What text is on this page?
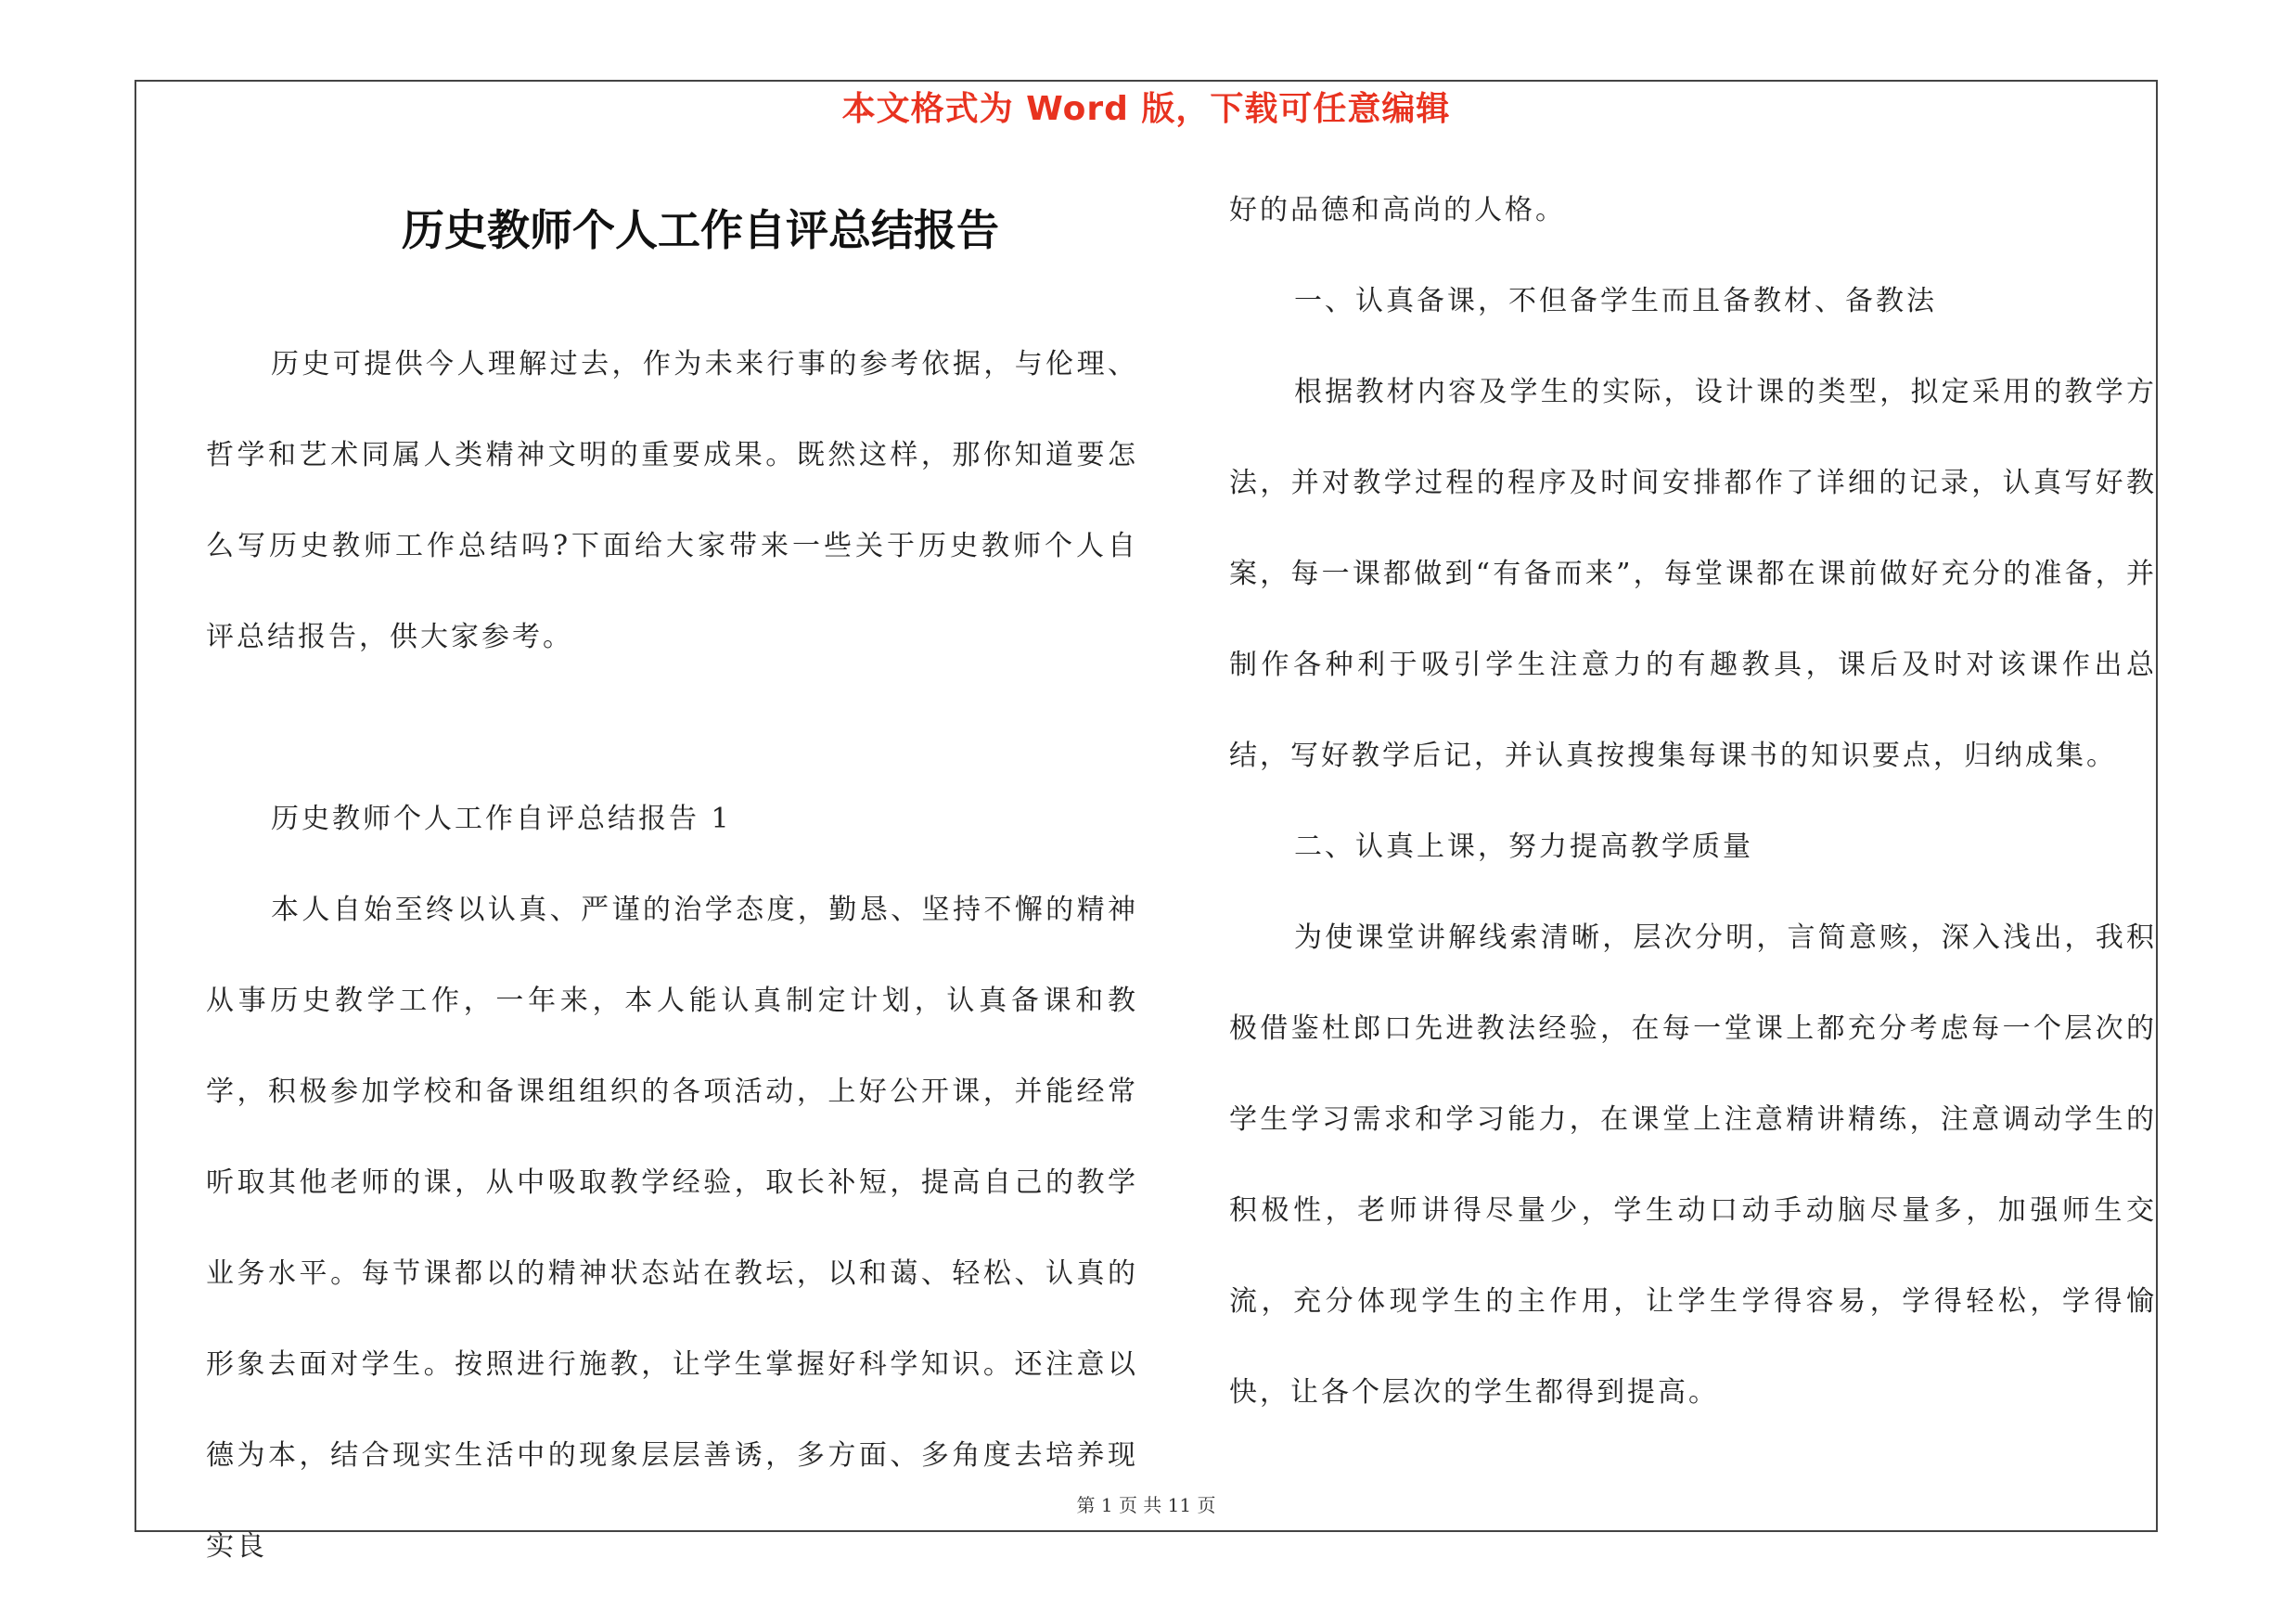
本文格式为 Word 版，下载可任意编辑
历史教师个人工作自评总结报告

历史可提供今人理解过去，作为未来行事的参考依据，与伦理、哲学和艺术同属人类精神文明的重要成果。既然这样，那你知道要怎么写历史教师工作总结吗?下面给大家带来一些关于历史教师个人自评总结报告，供大家参考。

历史教师个人工作自评总结报告 1

本人自始至终以认真、严谨的治学态度，勤恳、坚持不懈的精神从事历史教学工作，一年来，本人能认真制定计划，认真备课和教学，积极参加学校和备课组组织的各项活动，上好公开课，并能经常听取其他老师的课，从中吸取教学经验，取长补短，提高自己的教学业务水平。每节课都以的精神状态站在教坛，以和蔼、轻松、认真的形象去面对学生。按照进行施教，让学生掌握好科学知识。还注意以德为本，结合现实生活中的现象层层善诱，多方面、多角度去培养现实良

好的品德和高尚的人格。

一、认真备课，不但备学生而且备教材、备教法

根据教材内容及学生的实际，设计课的类型，拟定采用的教学方法，并对教学过程的程序及时间安排都作了详细的记录，认真写好教案，每一课都做到“有备而来”，每堂课都在课前做好充分的准备，并制作各种利于吸引学生注意力的有趣教具，课后及时对该课作出总结，写好教学后记，并认真按搜集每课书的知识要点，归纳成集。

二、认真上课，努力提高教学质量

为使课堂讲解线索清晰，层次分明，言简意赅，深入浅出，我积极借鉴杜郎口先进教法经验，在每一堂课上都充分考虑每一个层次的学生学习需求和学习能力，在课堂上注意精讲精练，注意调动学生的积极性，老师讲得尽量少，学生动口动手动脑尽量多，加强师生交流，充分体现学生的主作用，让学生学得容易，学得轻松，学得愉快，让各个层次的学生都得到提高。

第 1 页 共 11 页
